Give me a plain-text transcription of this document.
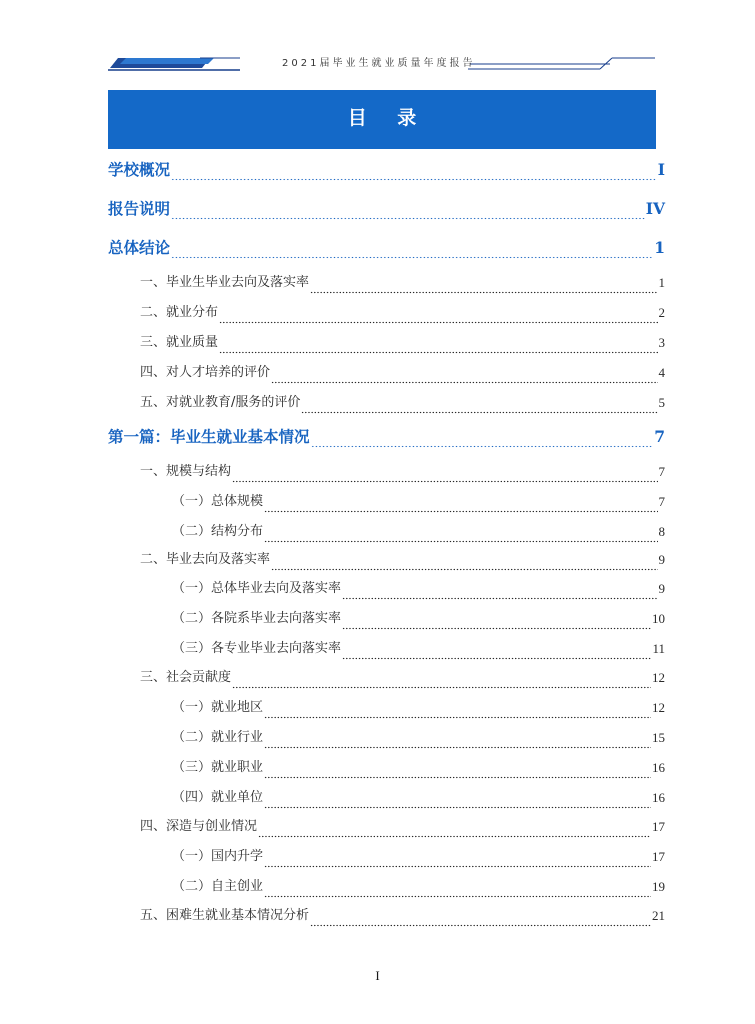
2021届毕业生就业质量年度报告
目 录
学校概况	I
报告说明	IV
总体结论	1
一、毕业生毕业去向及落实率	1
二、就业分布	2
三、就业质量	3
四、对人才培养的评价	4
五、对就业教育/服务的评价	5
第一篇：毕业生就业基本情况	7
一、规模与结构	7
（一）总体规模	7
（二）结构分布	8
二、毕业去向及落实率	9
（一）总体毕业去向及落实率	9
（二）各院系毕业去向落实率	10
（三）各专业毕业去向落实率	11
三、社会贡献度	12
（一）就业地区	12
（二）就业行业	15
（三）就业职业	16
（四）就业单位	16
四、深造与创业情况	17
（一）国内升学	17
（二）自主创业	19
五、困难生就业基本情况分析	21
I
